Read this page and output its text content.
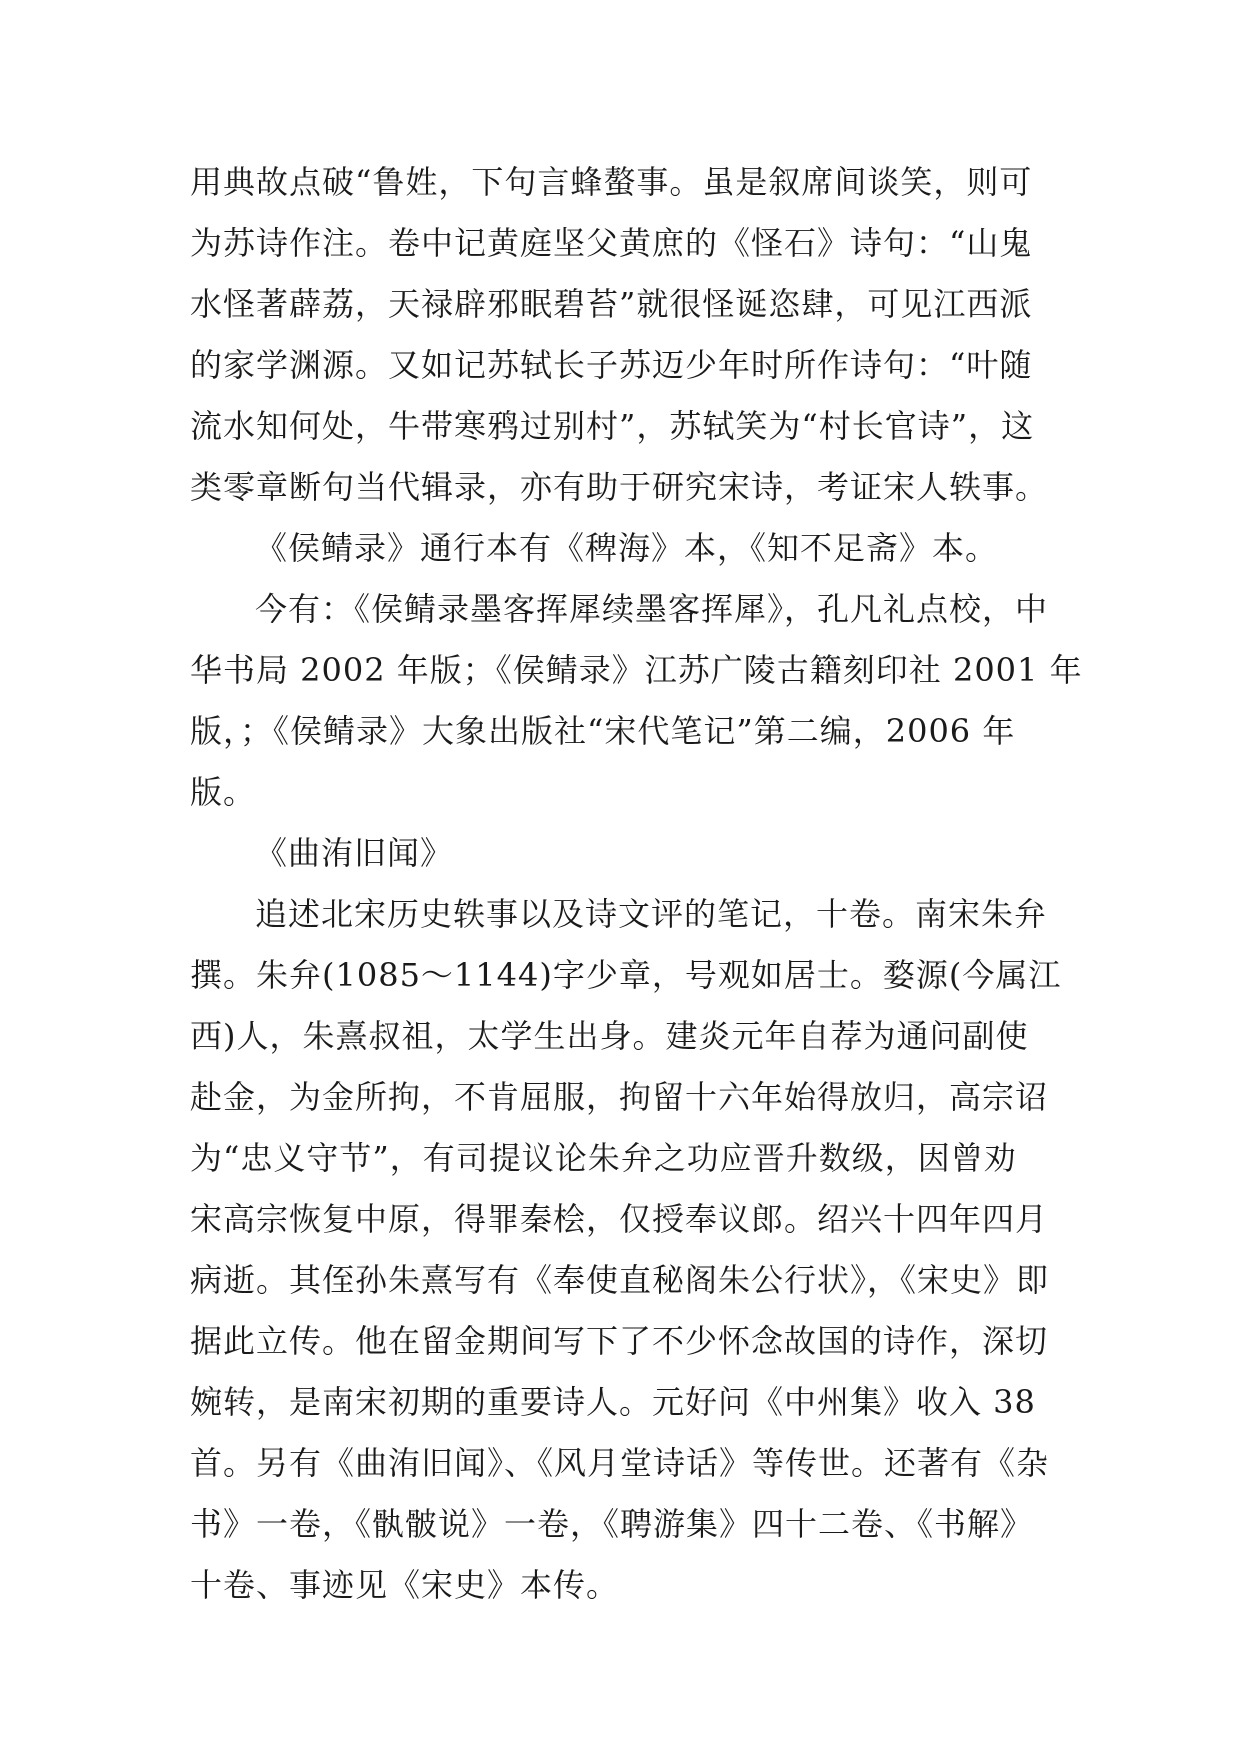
用典故点破“鲁姓，下句言蜂螯事。虽是叙席间谈笑，则可
为苏诗作注。卷中记黄庭坚父黄庶的《怪石》诗句：“山鬼
水怪著薜荔，天禄辟邪眠碧苔”就很怪诞恣肆，可见江西派
的家学渊源。又如记苏轼长子苏迈少年时所作诗句：“叶随
流水知何处，牛带寒鸦过别村”，苏轼笑为“村长官诗”，这
类零章断句当代辑录，亦有助于研究宋诗，考证宋人轶事。
《侯鲭录》通行本有《稗海》本，《知不足斋》本。
今有：《侯鲭录墨客挥犀续墨客挥犀》，孔凡礼点校，中
华书局 2002 年版；《侯鲭录》江苏广陵古籍刻印社 2001 年
版，；《侯鲭录》大象出版社“宋代笔记”第二编，2006 年
版。
《曲洧旧闻》
追述北宋历史轶事以及诗文评的笔记，十卷。南宋朱弁
撰。朱弁(1085～1144)字少章，号观如居士。婺源(今属江
西)人，朱熹叔祖，太学生出身。建炎元年自荐为通问副使
赴金，为金所拘，不肯屈服，拘留十六年始得放归，高宗诏
为“忠义守节”，有司提议论朱弁之功应晋升数级，因曾劝
宋高宗恢复中原，得罪秦桧，仅授奉议郎。绍兴十四年四月
病逝。其侄孙朱熹写有《奉使直秘阁朱公行状》，《宋史》即
据此立传。他在留金期间写下了不少怀念故国的诗作，深切
婉转，是南宋初期的重要诗人。元好问《中州集》收入 38
首。另有《曲洧旧闻》、《风月堂诗话》等传世。还著有《杂
书》一卷，《骫骳说》一卷，《聘游集》四十二卷、《书解》
十卷、事迹见《宋史》本传。
